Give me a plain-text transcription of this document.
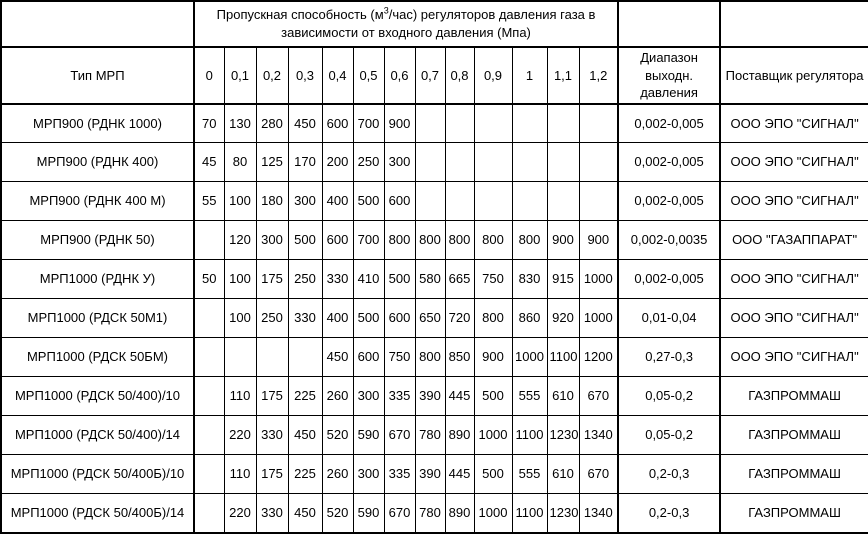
	Пропускная способность $(м^3/час)$ регуляторов давления газа в зависимости от входного давления (Мпа)														
Тип МРП	0	0,1	0,2	0,3	0,4	0,5	0,6	0,7	0,8	0,9	1	1,1	1,2	Диапазон выходн. давления	Поставщик регулятора
МРП900 (РДНК 1000)	70	130	280	450	600	700	900							0,002-0,005	ООО ЭПО "СИГНАЛ"
МРП900 (РДНК 400)	45	80	125	170	200	250	300							0,002-0,005	ООО ЭПО "СИГНАЛ"
МРП900 (РДНК 400 М)	55	100	180	300	400	500	600							0,002-0,005	ООО ЭПО "СИГНАЛ"
МРП900 (РДНК 50)		120	300	500	600	700	800	800	800	800	800	900	900	0,002-0,0035	ООО "ГАЗАППАРАТ"
МРП1000 (РДНК У)	50	100	175	250	330	410	500	580	665	750	830	915	1000	0,002-0,005	ООО ЭПО "СИГНАЛ"
МРП1000 (РДСК 50М1)		100	250	330	400	500	600	650	720	800	860	920	1000	0,01-0,04	ООО ЭПО "СИГНАЛ"
МРП1000 (РДСК 50БМ)					450	600	750	800	850	900	1000	1100	1200	0,27-0,3	ООО ЭПО "СИГНАЛ"
МРП1000 (РДСК 50/400)/10		110	175	225	260	300	335	390	445	500	555	610	670	0,05-0,2	ГАЗПРОММАШ
МРП1000 (РДСК 50/400)/14		220	330	450	520	590	670	780	890	1000	1100	1230	1340	0,05-0,2	ГАЗПРОММАШ
МРП1000 (РДСК 50/400Б)/10		110	175	225	260	300	335	390	445	500	555	610	670	0,2-0,3	ГАЗПРОММАШ
МРП1000 (РДСК 50/400Б)/14		220	330	450	520	590	670	780	890	1000	1100	1230	1340	0,2-0,3	ГАЗПРОММАШ
